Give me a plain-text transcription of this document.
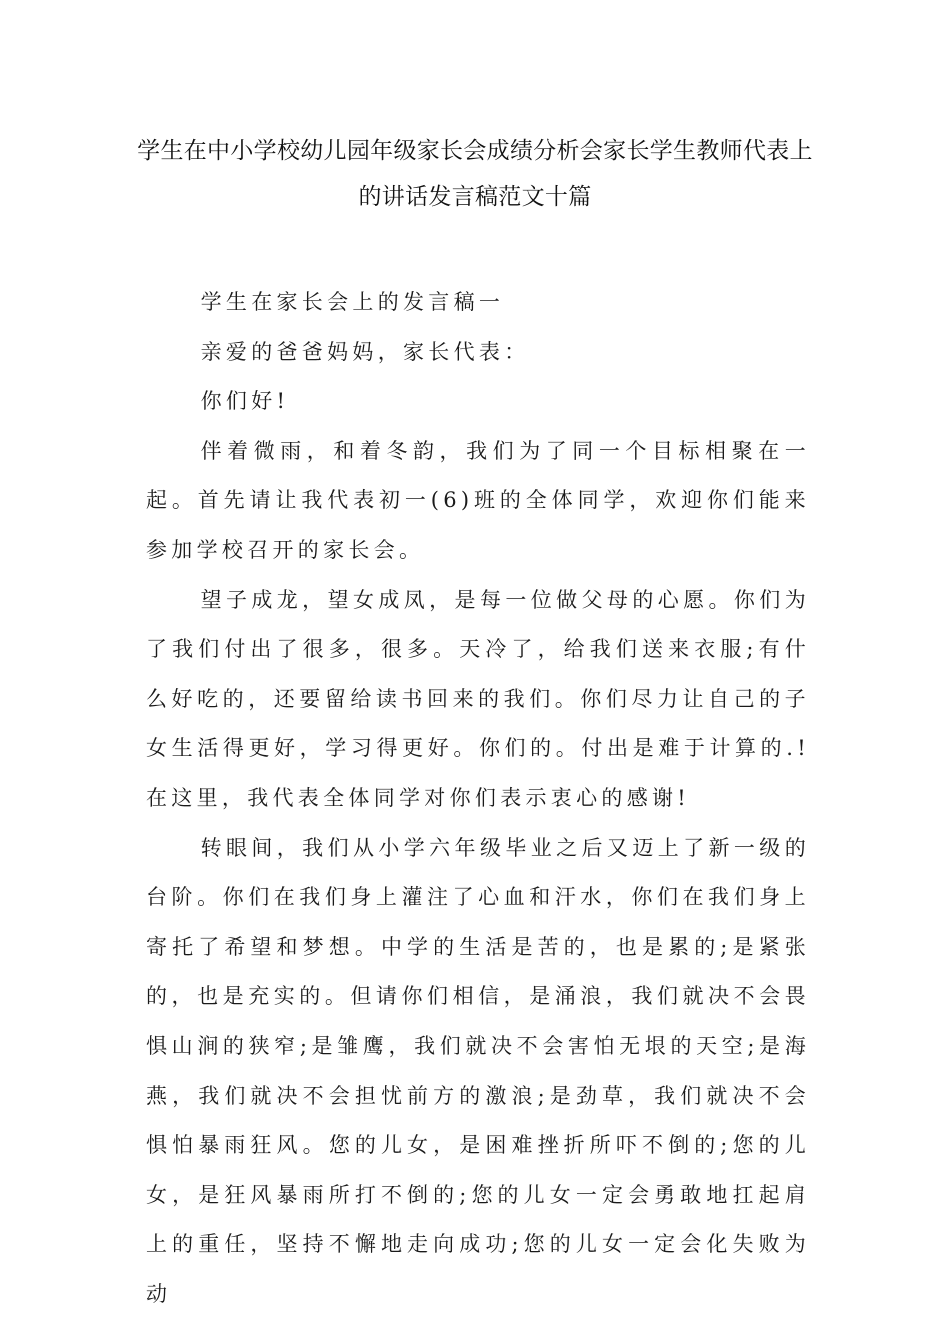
学生在中小学校幼儿园年级家长会成绩分析会家长学生教师代表上的讲话发言稿范文十篇

学生在家长会上的发言稿一

亲爱的爸爸妈妈，家长代表：

你们好!

伴着微雨，和着冬韵，我们为了同一个目标相聚在一起。首先请让我代表初一(6)班的全体同学，欢迎你们能来参加学校召开的家长会。

望子成龙，望女成凤，是每一位做父母的心愿。你们为了我们付出了很多，很多。天冷了，给我们送来衣服;有什么好吃的，还要留给读书回来的我们。你们尽力让自己的子女生活得更好，学习得更好。你们的。付出是难于计算的.!在这里，我代表全体同学对你们表示衷心的感谢!

转眼间，我们从小学六年级毕业之后又迈上了新一级的台阶。你们在我们身上灌注了心血和汗水，你们在我们身上寄托了希望和梦想。中学的生活是苦的，也是累的;是紧张的，也是充实的。但请你们相信，是涌浪，我们就决不会畏惧山涧的狭窄;是雏鹰，我们就决不会害怕无垠的天空;是海燕，我们就决不会担忧前方的激浪;是劲草，我们就决不会惧怕暴雨狂风。您的儿女，是困难挫折所吓不倒的;您的儿女，是狂风暴雨所打不倒的;您的儿女一定会勇敢地扛起肩上的重任，坚持不懈地走向成功;您的儿女一定会化失败为动
